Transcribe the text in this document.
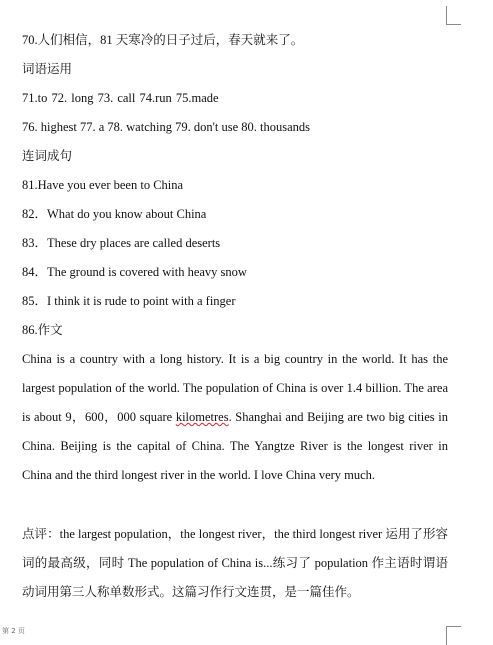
70.人们相信，81 天寒冷的日子过后，春天就来了。
词语运用
71.to 72. long 73. call 74.run 75.made
76. highest 77. a 78. watching 79. don't use 80. thousands
连词成句
81.Have you ever been to China
82．What do you know about China
83．These dry places are called deserts
84．The ground is covered with heavy snow
85．I think it is rude to point with a finger
86.作文

China is a country with a long history. It is a big country in the world. It has the largest population of the world. The population of China is over 1.4 billion. The area is about 9，600，000 square kilometres. Shanghai and Beijing are two big cities in China. Beijing is the capital of China. The Yangtze River is the longest river in China and the third longest river in the world. I love China very much.

点评：the largest population，the longest river，the third longest river 运用了形容词的最高级，同时 The population of China is...练习了 population 作主语时谓语动词用第三人称单数形式。这篇习作行文连贯，是一篇佳作。

第 2 页
